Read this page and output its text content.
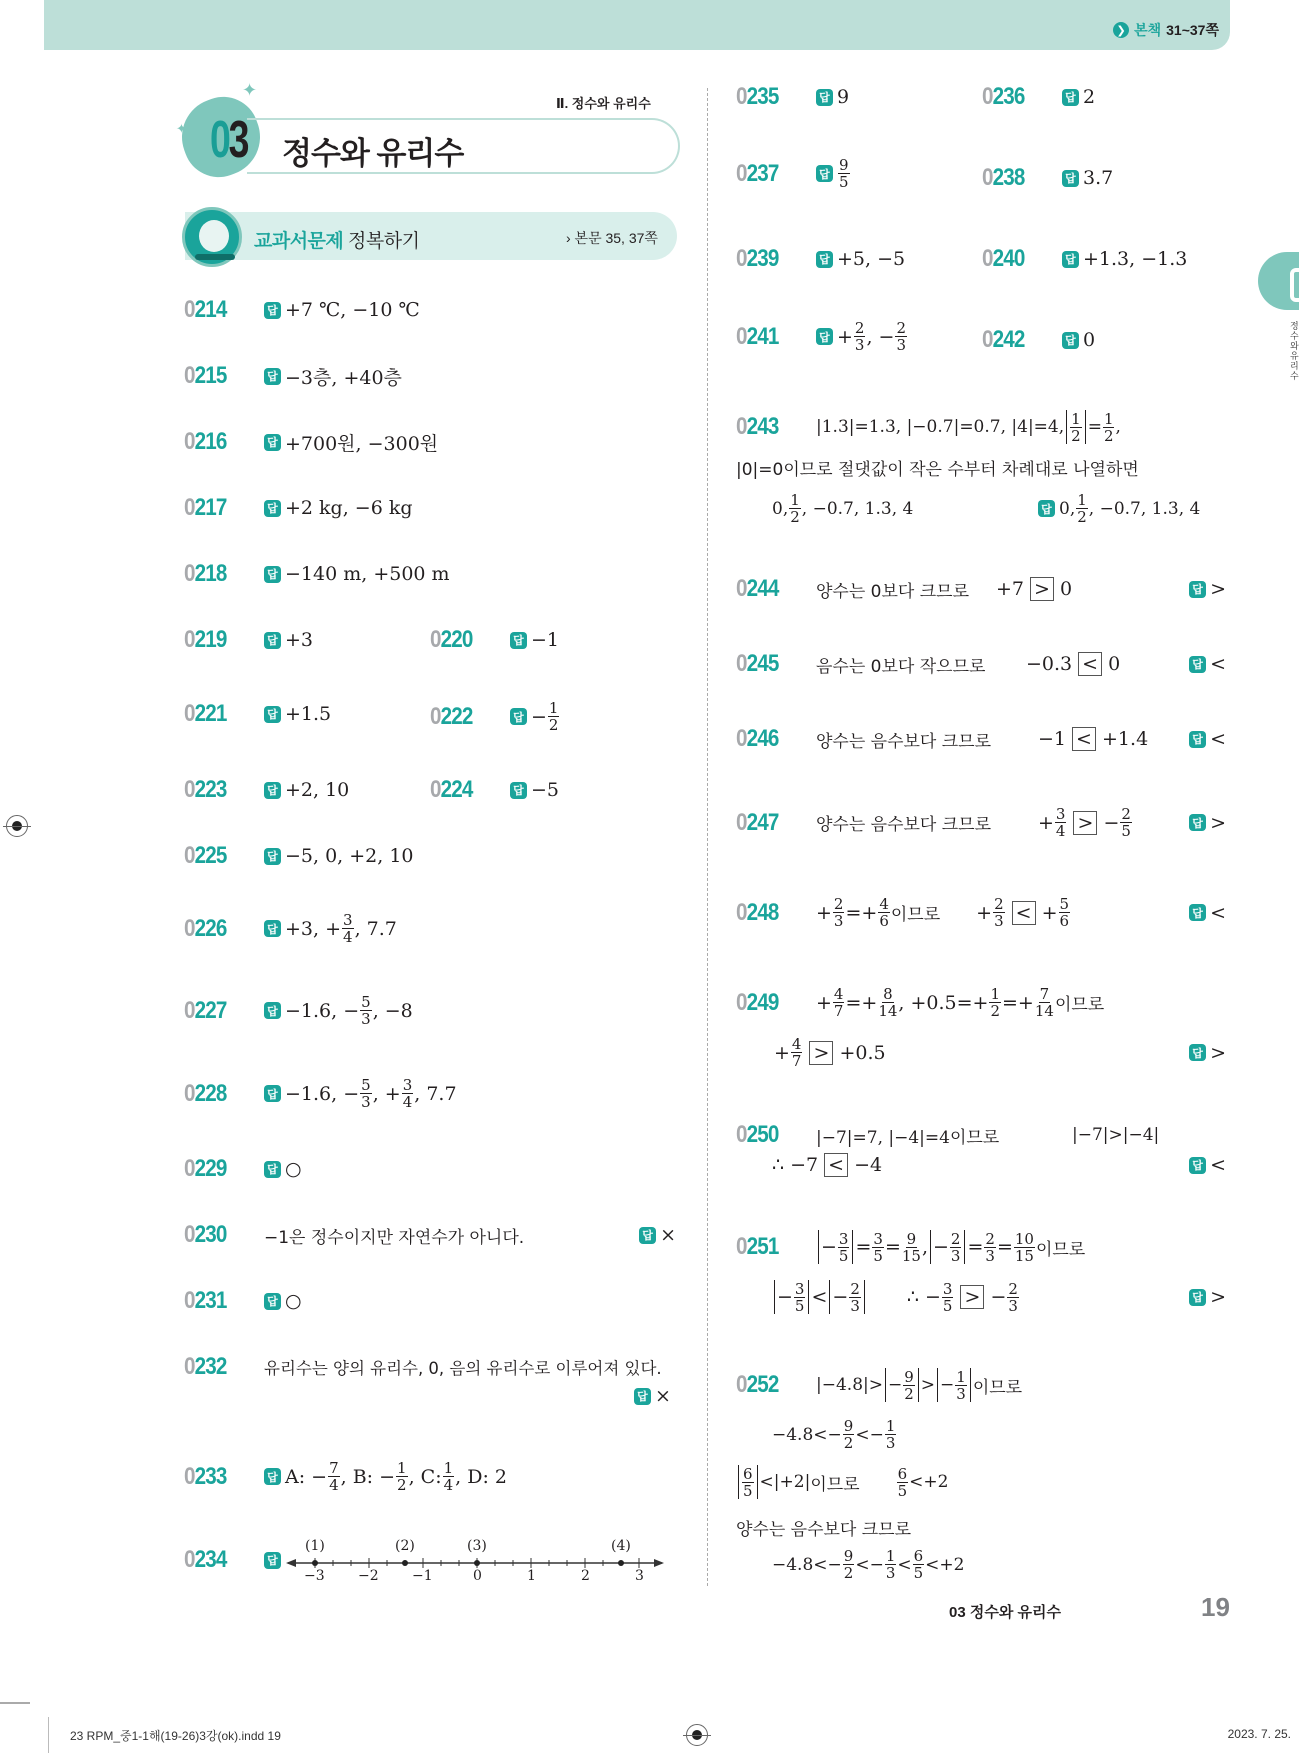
❯ 본책 31~37쪽
정수와유리수
✦
✦ 03 정수와 유리수
Ⅱ. 정수와 유리수
교과서문제 정복하기	› 본문 35, 37쪽
0214	답 +7 ℃, −10 ℃
0215	답 −3층, +40층
0216	답 +700원, −300원
0217	답 +2 kg, −6 kg
0218	답 −140 m, +500 m
0219	답 +3	0220	답 −1
0221	답 +1.5	0222	답 − $\frac{1}{2}$
0223	답 +2, 10	0224	답 −5
0225	답 −5, 0, +2, 10
0226	답 +3, + $\frac{3}{4}$ , 7.7
0227	답 −1.6, − $\frac{5}{3}$ , −8
0228	답 −1.6, − $\frac{5}{3}$ , + $\frac{3}{4}$ , 7.7
0229	답 ○
0230	−1은 정수이지만 자연수가 아니다.	답 ×
0231	답 ○
0232	유리수는 양의 유리수, 0, 음의 유리수로 이루어져 있다.
답 ×
0233	답 A: − $\frac{7}{4}$ , B: − $\frac{1}{2}$ , C: $\frac{1}{4}$ , D: 2
0234	답
(1)	(2)	(3)	(4)
−3 −2 −1	0	1	2	3
0235	답 9	0236	답 2
0237	답 $\frac{9}{5}$	0238	답 3.7
0239	답 +5, −5	0240	답 +1.3, −1.3
0241	답 + $\frac{2}{3}$ , − $\frac{2}{3}$	0242	답 0
0243	|1.3|=1.3, |−0.7|=0.7, |4|=4, $\frac{1}{2} = \frac{1}{2}$ ,
|0|=0이므로 절댓값이 작은 수부터 차례대로 나열하면
0, $\frac{1}{2}$ , −0.7, 1.3, 4	답 0, $\frac{1}{2}$ , −0.7, 1.3, 4
0244	양수는 0보다 크므로	+7 > 0	답 >
0245	음수는 0보다 작으므로	−0.3 < 0	답 <
0246	양수는 음수보다 크므로	−1 < +1.4	답 <
0247	양수는 음수보다 크므로	+ $\frac{3}{4}$ > − $\frac{2}{5}$	답 >
0248	+ $\frac{2}{3} =+ \frac{4}{6}$ 이므로 + $\frac{2}{3}$ < + $\frac{5}{6}$	답 <
0249	+ $\frac{4}{7} =+ \frac{8}{14}$ , $+0.5=+ \frac{1}{2} =+ \frac{7}{14}$ 이므로
+ $\frac{4}{7} > +0.5$	답 >
0250	|−7|=7, |−4|=4이므로	|−7|>|−4|
∴ −7 < −4	답 <
0251	− $\frac{3}{5} = \frac{3}{5} = \frac{9}{15}$ ,
− $\frac{2}{3} = \frac{2}{3} = \frac{10}{15}$ 이므로
− $\frac{3}{5}$ < − $\frac{2}{3}$ ∴ − $\frac{3}{5}$ > − $\frac{2}{3}$	답 >
0252	$|-4.8|> - \frac{9}{2}$ > − $\frac{1}{3}$ 이므로
$-4.8<- \frac{9}{2} <- \frac{1}{3}$
$\frac{6}{5} <|+2|$ 이므로 $\frac{6}{5} <+2$
양수는 음수보다 크므로
$-4.8<- \frac{9}{2} <- \frac{1}{3} < \frac{6}{5} <+2$
03 정수와 유리수	19
23 RPM_중1-1해(19-26)3강(ok).indd 19	2023. 7. 25.
